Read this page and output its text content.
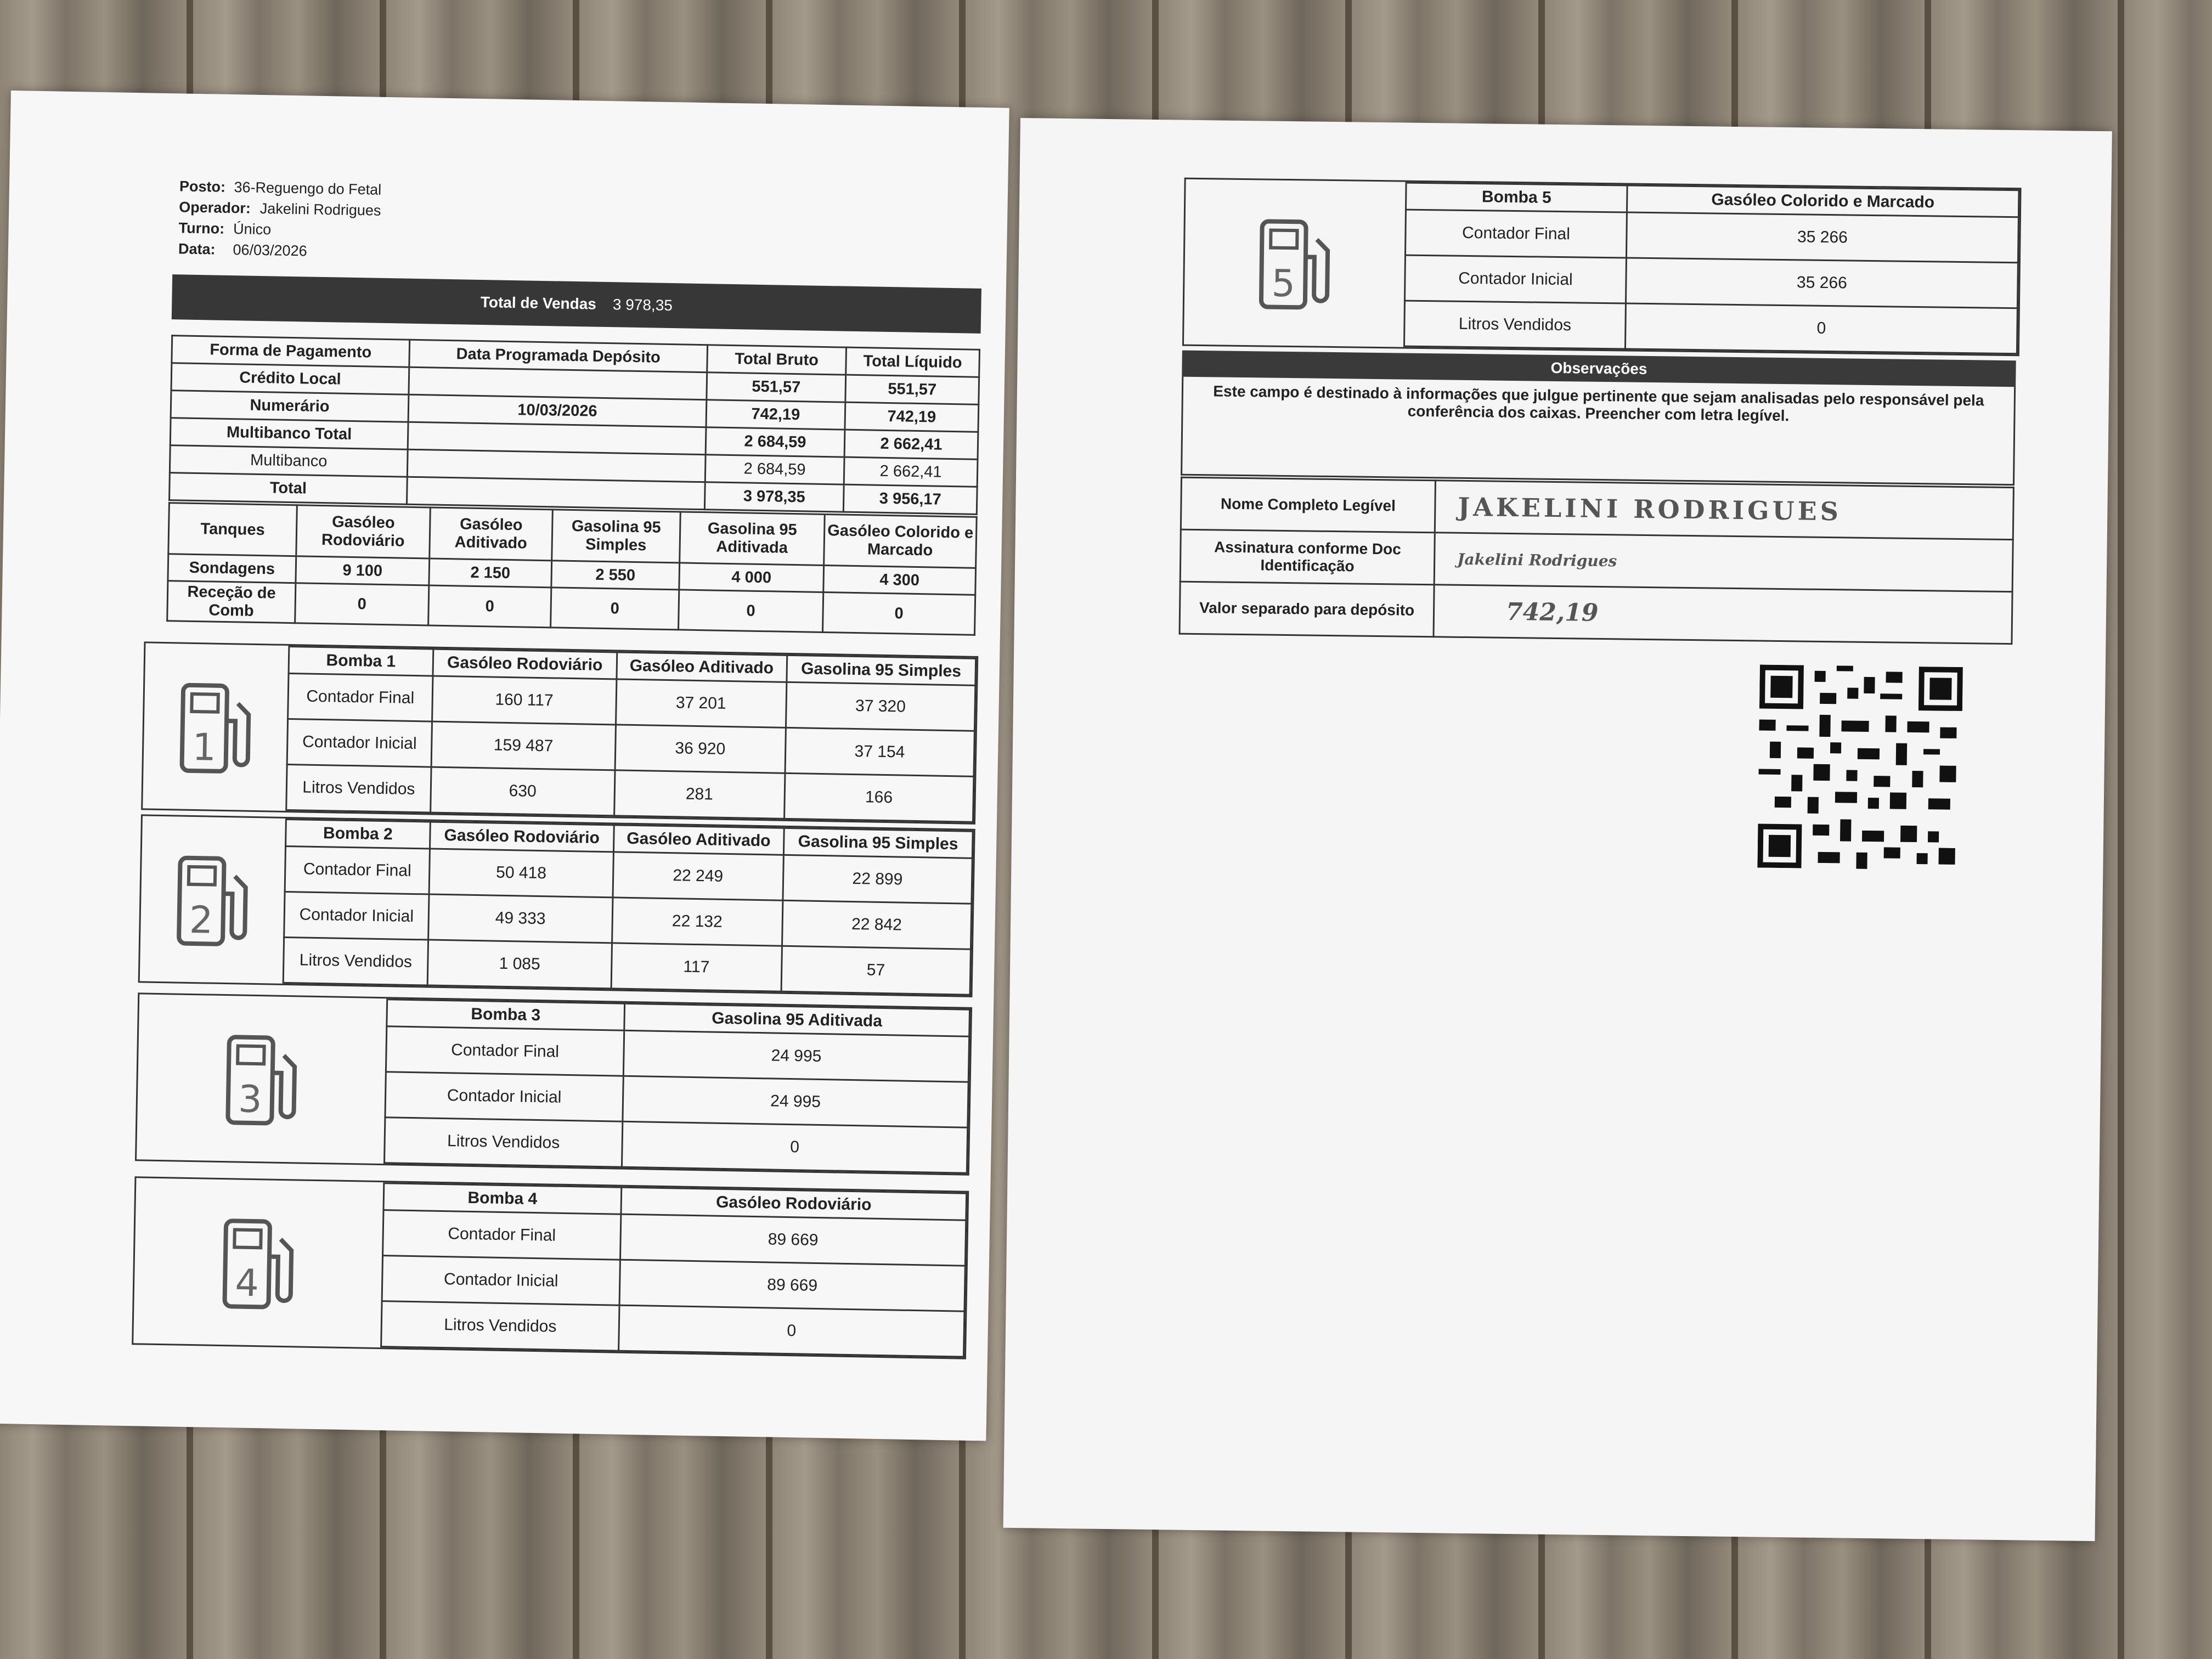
Posto: 36-Reguengo do Fetal
Operador: Jakelini Rodrigues
Turno: Único
Data: 06/03/2026
Total de Vendas 3 978,35
Forma de Pagamento	Data Programada Depósito	Total Bruto	Total Líquido
Crédito Local		551,57	551,57
Numerário	10/03/2026	742,19	742,19
Multibanco Total		2 684,59	2 662,41
Multibanco		2 684,59	2 662,41
Total		3 978,35	3 956,17
Tanques	Gasóleo Rodoviário	Gasóleo Aditivado	Gasolina 95 Simples	Gasolina 95 Aditivada	Gasóleo Colorido e Marcado
Sondagens	9 100	2 150	2 550	4 000	4 300
Receção de Comb	0	0	0	0	0
1	Bomba 1	Gasóleo Rodoviário	Gasóleo Aditivado	Gasolina 95 Simples
	Contador Final	160 117	37 201	37 320
	Contador Inicial	159 487	36 920	37 154
	Litros Vendidos	630	281	166
2	Bomba 2	Gasóleo Rodoviário	Gasóleo Aditivado	Gasolina 95 Simples
	Contador Final	50 418	22 249	22 899
	Contador Inicial	49 333	22 132	22 842
	Litros Vendidos	1 085	117	57
3	Bomba 3	Gasolina 95 Aditivada
	Contador Final	24 995
	Contador Inicial	24 995
	Litros Vendidos	0
4	Bomba 4	Gasóleo Rodoviário
	Contador Final	89 669
	Contador Inicial	89 669
	Litros Vendidos	0
5	Bomba 5	Gasóleo Colorido e Marcado
	Contador Final	35 266
	Contador Inicial	35 266
	Litros Vendidos	0
Observações
Este campo é destinado à informações que julgue pertinente que sejam analisadas pelo responsável pela conferência dos caixas. Preencher com letra legível.
Nome Completo Legível	JAKELINI RODRIGUES
Assinatura conforme Doc Identificação	Jakelini Rodrigues
Valor separado para depósito	742,19
